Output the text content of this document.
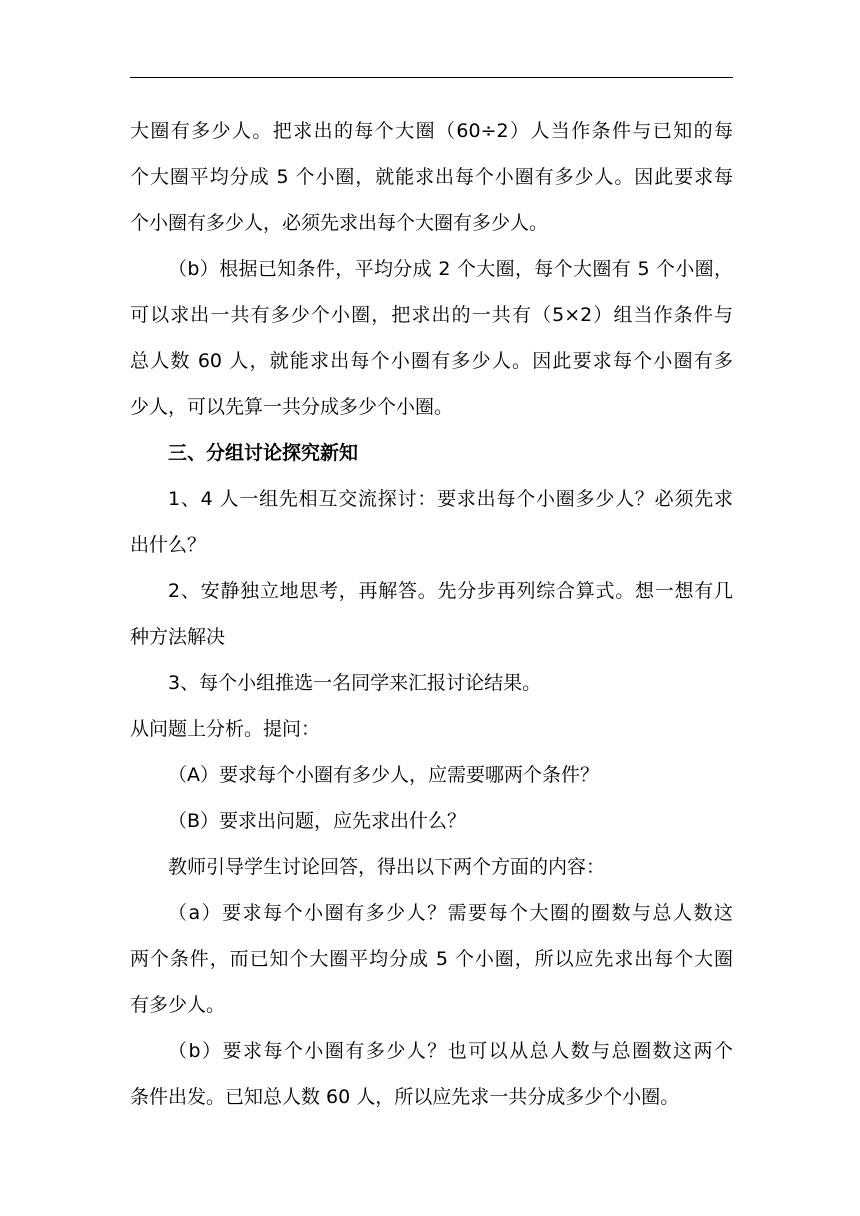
大圈有多少人。把求出的每个大圈（60÷2）人当作条件与已知的每
个大圈平均分成 5 个小圈，就能求出每个小圈有多少人。因此要求每
个小圈有多少人，必须先求出每个大圈有多少人。
（b）根据已知条件，平均分成 2 个大圈，每个大圈有 5 个小圈，
可以求出一共有多少个小圈，把求出的一共有（5×2）组当作条件与
总人数 60 人，就能求出每个小圈有多少人。因此要求每个小圈有多
少人，可以先算一共分成多少个小圈。
三、分组讨论探究新知
1、4 人一组先相互交流探讨：要求出每个小圈多少人？必须先求
出什么？
2、安静独立地思考，再解答。先分步再列综合算式。想一想有几
种方法解决
3、每个小组推选一名同学来汇报讨论结果。
从问题上分析。提问：
（A）要求每个小圈有多少人，应需要哪两个条件？
（B）要求出问题，应先求出什么？
教师引导学生讨论回答，得出以下两个方面的内容：
（a）要求每个小圈有多少人？需要每个大圈的圈数与总人数这
两个条件，而已知个大圈平均分成 5 个小圈，所以应先求出每个大圈
有多少人。
（b）要求每个小圈有多少人？也可以从总人数与总圈数这两个
条件出发。已知总人数 60 人，所以应先求一共分成多少个小圈。
